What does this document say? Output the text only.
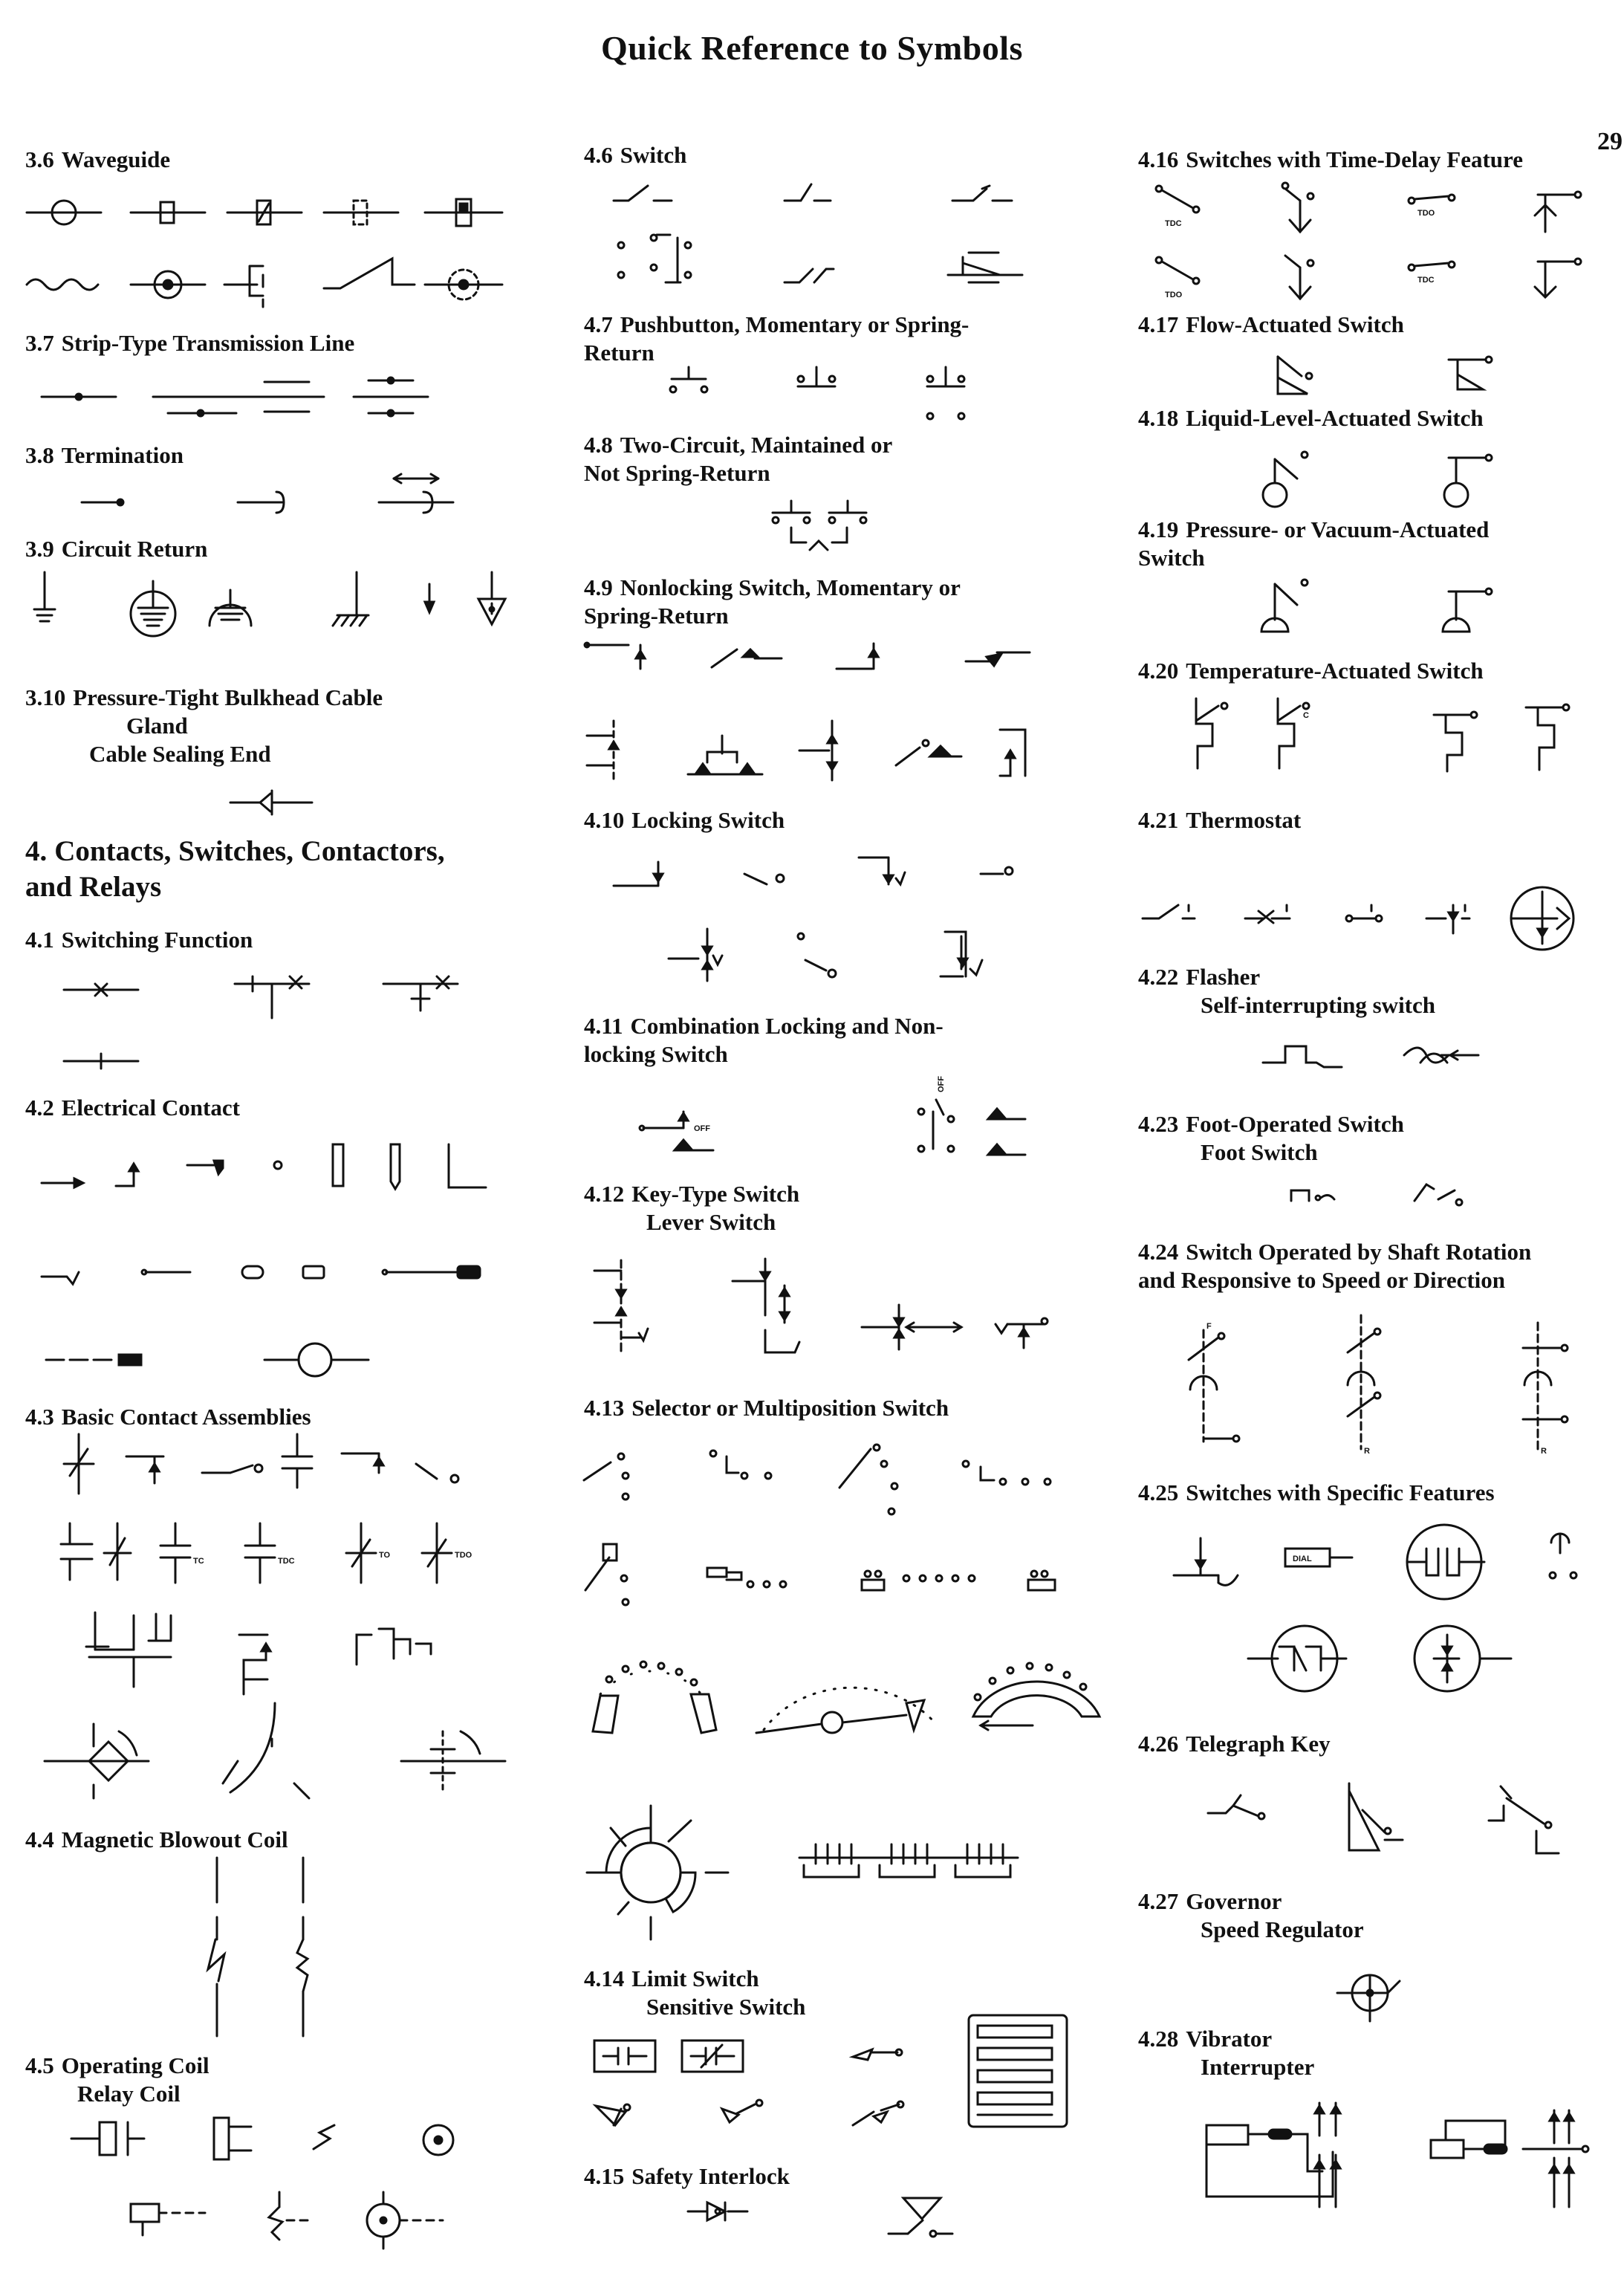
Quick Reference to Symbols
29
3.6 Waveguide
3.7 Strip-Type Transmission Line
3.8 Termination
3.9 Circuit Return
3.10 Pressure-Tight Bulkhead Cable
Gland
Cable Sealing End
4. Contacts, Switches, Contactors,
and Relays
4.1 Switching Function
4.2 Electrical Contact
4.3 Basic Contact Assemblies
TC	TDC
TO	TDO
4.4 Magnetic Blowout Coil
4.5 Operating Coil
Relay Coil
4.6 Switch
4.7 Pushbutton, Momentary or Spring-
Return
4.8 Two-Circuit, Maintained or
Not Spring-Return
4.9 Nonlocking Switch, Momentary or
Spring-Return
4.10 Locking Switch
4.11 Combination Locking and Non-
locking Switch
OFF
OFF
4.12 Key-Type Switch
Lever Switch
4.13 Selector or Multiposition Switch
4.14 Limit Switch
Sensitive Switch
4.15 Safety Interlock
4.16 Switches with Time-Delay Feature
TDC
TDO
TDO
TDC
4.17 Flow-Actuated Switch
4.18 Liquid-Level-Actuated Switch
4.19 Pressure- or Vacuum-Actuated
Switch
4.20 Temperature-Actuated Switch
C
4.21 Thermostat
4.22 Flasher
Self-interrupting switch
4.23 Foot-Operated Switch
Foot Switch
4.24 Switch Operated by Shaft Rotation
and Responsive to Speed or Direction
F
R	R
4.25 Switches with Specific Features
DIAL
4.26 Telegraph Key
4.27 Governor
Speed Regulator
4.28 Vibrator
Interrupter
